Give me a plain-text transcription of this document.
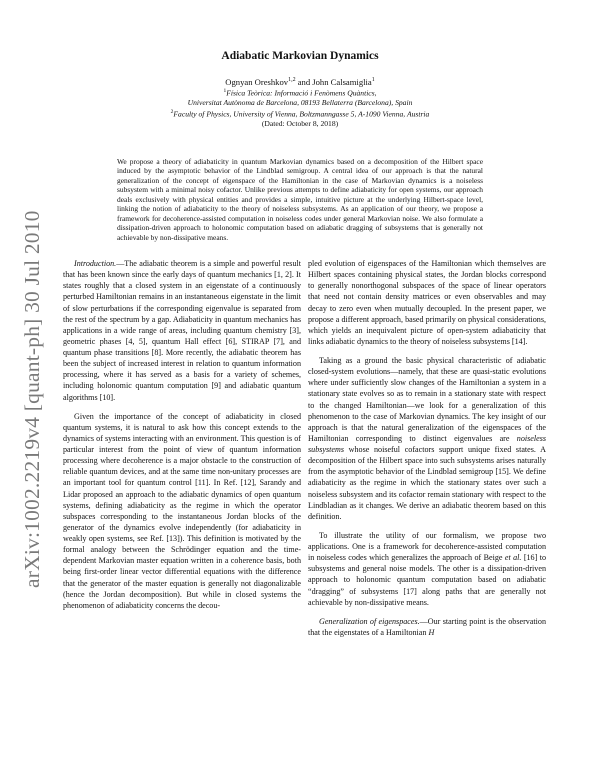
arXiv:1002.2219v4 [quant-ph] 30 Jul 2010
Adiabatic Markovian Dynamics
Ognyan Oreshkov$^{1,2}$ and John Calsamiglia$^1$
$^1$Física Teòrica: Informació i Fenòmens Quàntics,
Universitat Autònoma de Barcelona, 08193 Bellaterra (Barcelona), Spain
$^2$Faculty of Physics, University of Vienna, Boltzmanngasse 5, A-1090 Vienna, Austria
(Dated: October 8, 2018)

We propose a theory of adiabaticity in quantum Markovian dynamics based on a decomposition of the Hilbert space induced by the asymptotic behavior of the Lindblad semigroup. A central idea of our approach is that the natural generalization of the concept of eigenspace of the Hamiltonian in the case of Markovian dynamics is a noiseless subsystem with a minimal noisy cofactor. Unlike previous attempts to define adiabaticity for open systems, our approach deals exclusively with physical entities and provides a simple, intuitive picture at the underlying Hilbert-space level, linking the notion of adiabaticity to the theory of noiseless subsystems. As an application of our theory, we propose a framework for decoherence-assisted computation in noiseless codes under general Markovian noise. We also formulate a dissipation-driven approach to holonomic computation based on adiabatic dragging of subsystems that is generally not achievable by non-dissipative means.

Introduction.—The adiabatic theorem is a simple and powerful result that has been known since the early days of quantum mechanics [1, 2]. It states roughly that a closed system in an eigenstate of a continuously perturbed Hamiltonian remains in an instantaneous eigenstate in the limit of slow perturbations if the corresponding eigenvalue is separated from the rest of the spectrum by a gap. Adiabaticity in quantum mechanics has applications in a wide range of areas, including quantum chemistry [3], geometric phases [4, 5], quantum Hall effect [6], STIRAP [7], and quantum phase transitions [8]. More recently, the adiabatic theorem has been the subject of increased interest in relation to quantum information processing, where it has served as a basis for a variety of schemes, including holonomic quantum computation [9] and adiabatic quantum algorithms [10].

Given the importance of the concept of adiabaticity in closed quantum systems, it is natural to ask how this concept extends to the dynamics of systems interacting with an environment. This question is of particular interest from the point of view of quantum information processing where decoherence is a major obstacle to the construction of reliable quantum devices, and at the same time non-unitary processes are an important tool for quantum control [11]. In Ref. [12], Sarandy and Lidar proposed an approach to the adiabatic dynamics of open quantum systems, defining adiabaticity as the regime in which the operator subspaces corresponding to the instantaneous Jordan blocks of the generator of the dynamics evolve independently (for adiabaticity in weakly open systems, see Ref. [13]). This definition is motivated by the formal analogy between the Schrödinger equation and the time-dependent Markovian master equation written in a coherence basis, both being first-order linear vector differential equations with the difference that the generator of the master equation is generally not diagonalizable (hence the Jordan decomposition). But while in closed systems the phenomenon of adiabaticity concerns the decou-

pled evolution of eigenspaces of the Hamiltonian which themselves are Hilbert spaces containing physical states, the Jordan blocks correspond to generally nonorthogonal subspaces of the space of linear operators that need not contain density matrices or even observables and may decay to zero even when mutually decoupled. In the present paper, we propose a different approach, based primarily on physical considerations, which yields an inequivalent picture of open-system adiabaticity that links adiabatic dynamics to the theory of noiseless subsystems [14].

Taking as a ground the basic physical characteristic of adiabatic closed-system evolutions—namely, that these are quasi-static evolutions where under sufficiently slow changes of the Hamiltonian a system in a stationary state evolves so as to remain in a stationary state with respect to the changed Hamiltonian—we look for a generalization of this phenomenon to the case of Markovian dynamics. The key insight of our approach is that the natural generalization of the eigenspaces of the Hamiltonian corresponding to distinct eigenvalues are noiseless subsystems whose noiseful cofactors support unique fixed states. A decomposition of the Hilbert space into such subsystems arises naturally from the asymptotic behavior of the Lindblad semigroup [15]. We define adiabaticity as the regime in which the stationary states over such a noiseless subsystem and its cofactor remain stationary with respect to the Lindbladian as it changes. We derive an adiabatic theorem based on this definition.

To illustrate the utility of our formalism, we propose two applications. One is a framework for decoherence-assisted computation in noiseless codes which generalizes the approach of Beige et al. [16] to subsystems and general noise models. The other is a dissipation-driven approach to holonomic quantum computation based on adiabatic “dragging” of subsystems [17] along paths that are generally not achievable by non-dissipative means.

Generalization of eigenspaces.—Our starting point is the observation that the eigenstates of a Hamiltonian H
